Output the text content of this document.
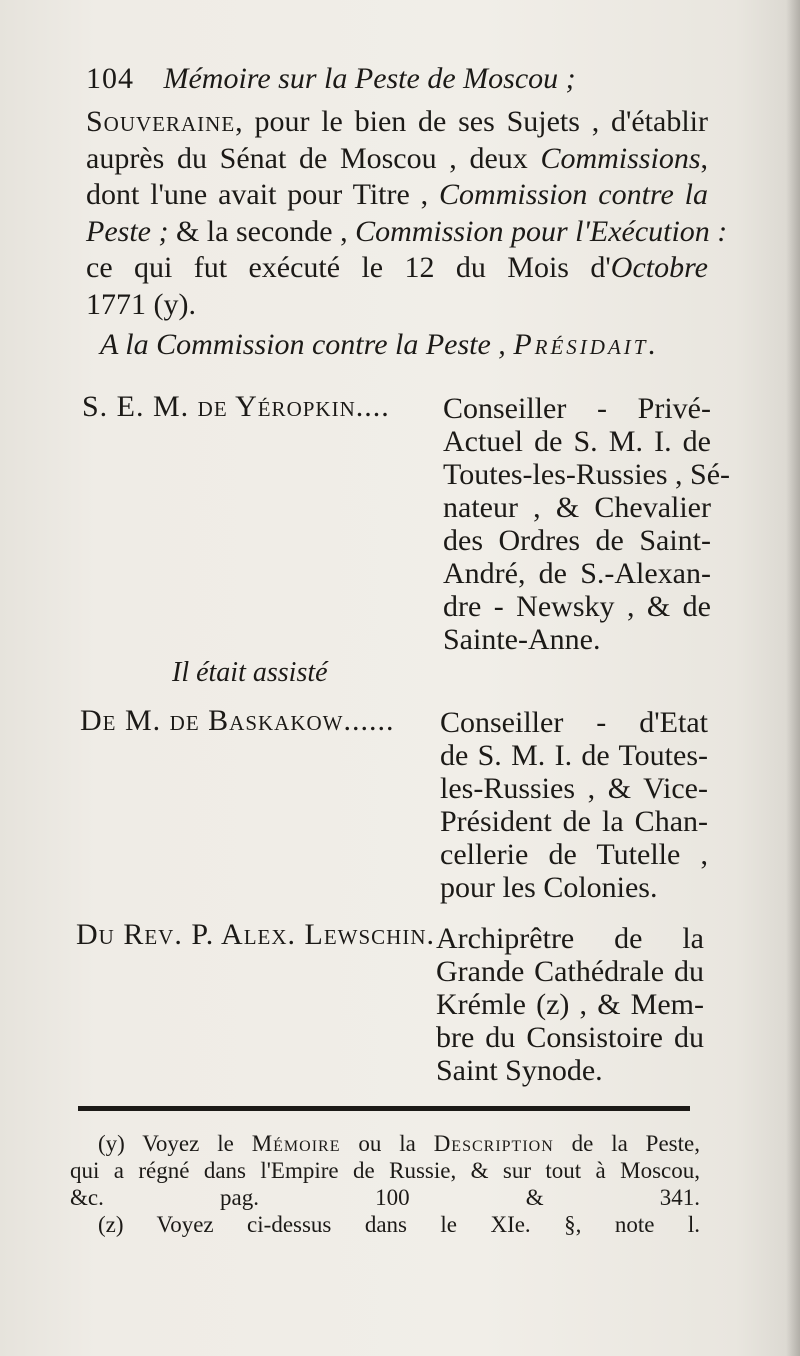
104 Mémoire sur la Peste de Moscou ;
Souveraine, pour le bien de ses Sujets , d'établir
auprès du Sénat de Moscou , deux Commissions,
dont l'une avait pour Titre , Commission contre la
Peste ; & la seconde , Commission pour l'Exécution :
ce qui fut exécuté le 12 du Mois d'Octobre
1771 (y).
A la Commission contre la Peste , Présidait.
S. E. M. de Yéropkin.... Conseiller - Privé-
Actuel de S. M. I. de
Toutes-les-Russies , Sé-
nateur , & Chevalier
des Ordres de Saint-
André, de S.-Alexan-
dre - Newsky , & de
Sainte-Anne.
Il était assisté
De M. de Baskakow...... Conseiller - d'Etat
de S. M. I. de Toutes-
les-Russies , & Vice-
Président de la Chan-
cellerie de Tutelle ,
pour les Colonies.
Du Rev. P. Alex. Lewschin. Archiprêtre de la
Grande Cathédrale du
Krémle (z) , & Mem-
bre du Consistoire du
Saint Synode.
(y) Voyez le Mémoire ou la Description de la Peste,
qui a régné dans l'Empire de Russie, & sur tout à Moscou,
&c. pag. 100 & 341.
(z) Voyez ci-dessus dans le XIe. §, note l.
